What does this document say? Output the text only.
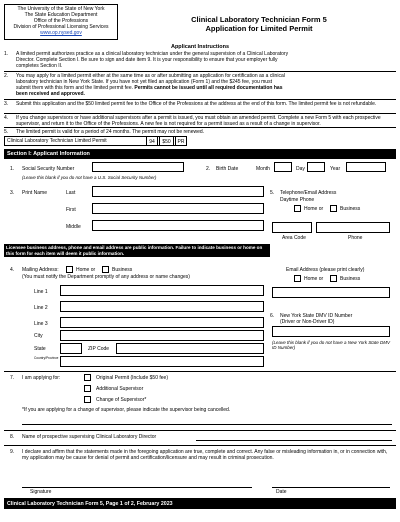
The University of the State of New York
The State Education Department
Office of the Professions
Division of Professional Licensing Services
www.op.nysed.gov
Clinical Laboratory Technician Form 5
Application for Limited Permit
Applicant Instructions
1. A limited permit authorizes practice as a clinical laboratory technician under the general supervision of a Clinical Laboratory Director. Complete Section I. Be sure to sign and date item 9. It is your responsibility to ensure that your employer fully completes Section II.
2. You may apply for a limited permit either at the same time as or after submitting an application for certification as a clinical laboratory technician in New York State. If you have not yet filed an application (Form 1) and the $245 fee, you must submit them with this form and the limited permit fee. Permits cannot be issued until all required documentation has been received and approved.
3. Submit this application and the $50 limited permit fee to the Office of the Professions at the address at the end of this form. The limited permit fee is not refundable.
4. If you change supervisors or have additional supervisors after a permit is issued, you must obtain an amended permit. Complete a new Form 5 with each prospective supervisor, and return it to the Office of the Professions. A new fee is not required for a permit issued as a result of a change in supervisor.
5. The limited permit is valid for a period of 24 months. The permit may not be renewed.
Clinical Laboratory Technician Limited Permit	94	$50	PR
Section I: Applicant Information
1. Social Security Number
(Leave this blank if you do not have a U.S. Social Security Number)
2. Birth Date	Month	Day	Year
3. Print Name	Last
First
Middle
5. Telephone/Email Address
Daytime Phone
Home or	Business
Area Code	Phone
Licensee business address, phone and email address are public information. Failure to indicate business or home on this form for each item will deem it public information.
4. Mailing Address:	Home or	Business
(You must notify the Department promptly of any address or name changes)
Line 1
Line 2
Line 3
City
State	ZIP Code
Country/Province
Email Address (please print clearly)
Home or	Business
6. New York State DMV ID Number
(Driver or Non-Driver ID)
(Leave this blank if you do not have a New York State DMV ID Number)
7. I am applying for:	Original Permit (Include $50 fee)
Additional Supervisor
Change of Supervisor*
*If you are applying for a change of supervisor, please indicate the supervisor being cancelled.
8. Name of prospective supervising Clinical Laboratory Director
9. I declare and affirm that the statements made in the foregoing application are true, complete and correct. Any false or misleading information in, or in connection with, my application may be cause for denial of permit and certification/licensure and may result in criminal prosecution.
Signature	Date
Clinical Laboratory Technician Form 5, Page 1 of 2, February 2023
